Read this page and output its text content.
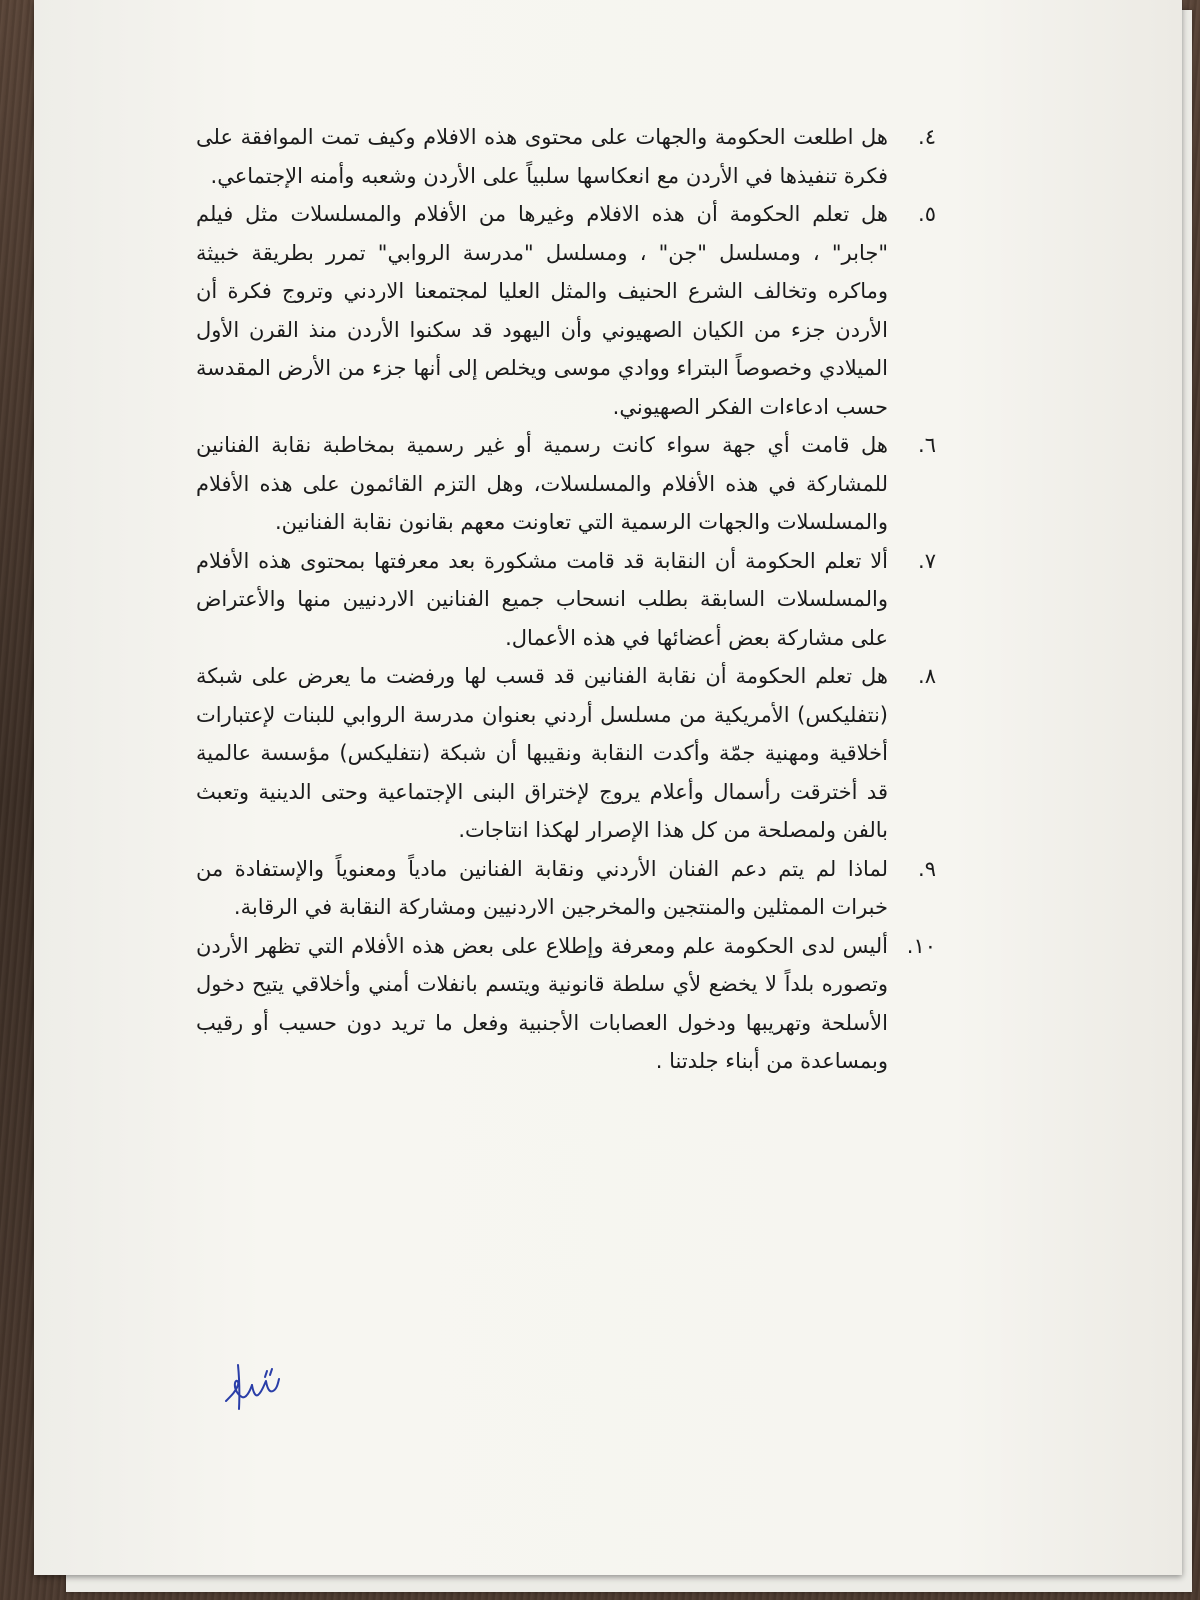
٤.

هل اطلعت الحكومة والجهات على محتوى هذه الافلام وكيف تمت الموافقة على فكرة تنفيذها في الأردن مع انعكاسها سلبياً على الأردن وشعبه وأمنه الإجتماعي.

٥.

هل تعلم الحكومة أن هذه الافلام وغيرها من الأفلام والمسلسلات مثل فيلم "جابر" ، ومسلسل "جن" ، ومسلسل "مدرسة الروابي" تمرر بطريقة خبيثة وماكره وتخالف الشرع الحنيف والمثل العليا لمجتمعنا الاردني وتروج فكرة أن الأردن جزء من الكيان الصهيوني وأن اليهود قد سكنوا الأردن منذ القرن الأول الميلادي وخصوصاً البتراء ووادي موسى ويخلص إلى أنها جزء من الأرض المقدسة حسب ادعاءات الفكر الصهيوني.

٦.

هل قامت أي جهة سواء كانت رسمية أو غير رسمية بمخاطبة نقابة الفنانين للمشاركة في هذه الأفلام والمسلسلات، وهل التزم القائمون على هذه الأفلام والمسلسلات والجهات الرسمية التي تعاونت معهم بقانون نقابة الفنانين.

٧.

ألا تعلم الحكومة أن النقابة قد قامت مشكورة بعد معرفتها بمحتوى هذه الأفلام والمسلسلات السابقة بطلب انسحاب جميع الفنانين الاردنيين منها والأعتراض على مشاركة بعض أعضائها في هذه الأعمال.

٨.

هل تعلم الحكومة أن نقابة الفنانين قد قسب لها ورفضت ما يعرض على شبكة (نتفليكس) الأمريكية من مسلسل أردني بعنوان مدرسة الروابي للبنات لإعتبارات أخلاقية ومهنية جمّة وأكدت النقابة ونقيبها أن شبكة (نتفليكس) مؤسسة عالمية قد أخترقت رأسمال وأعلام يروج لإختراق البنى الإجتماعية وحتى الدينية وتعبث بالفن ولمصلحة من كل هذا الإصرار لهكذا انتاجات.

٩.

لماذا لم يتم دعم الفنان الأردني ونقابة الفنانين مادياً ومعنوياً والإستفادة من خبرات الممثلين والمنتجين والمخرجين الاردنيين ومشاركة النقابة في الرقابة.

١٠.

أليس لدى الحكومة علم ومعرفة وإطلاع على بعض هذه الأفلام التي تظهر الأردن وتصوره بلداً لا يخضع لأي سلطة قانونية ويتسم بانفلات أمني وأخلاقي يتيح دخول الأسلحة وتهريبها ودخول العصابات الأجنبية وفعل ما تريد دون حسيب أو رقيب وبمساعدة من أبناء جلدتنا .
